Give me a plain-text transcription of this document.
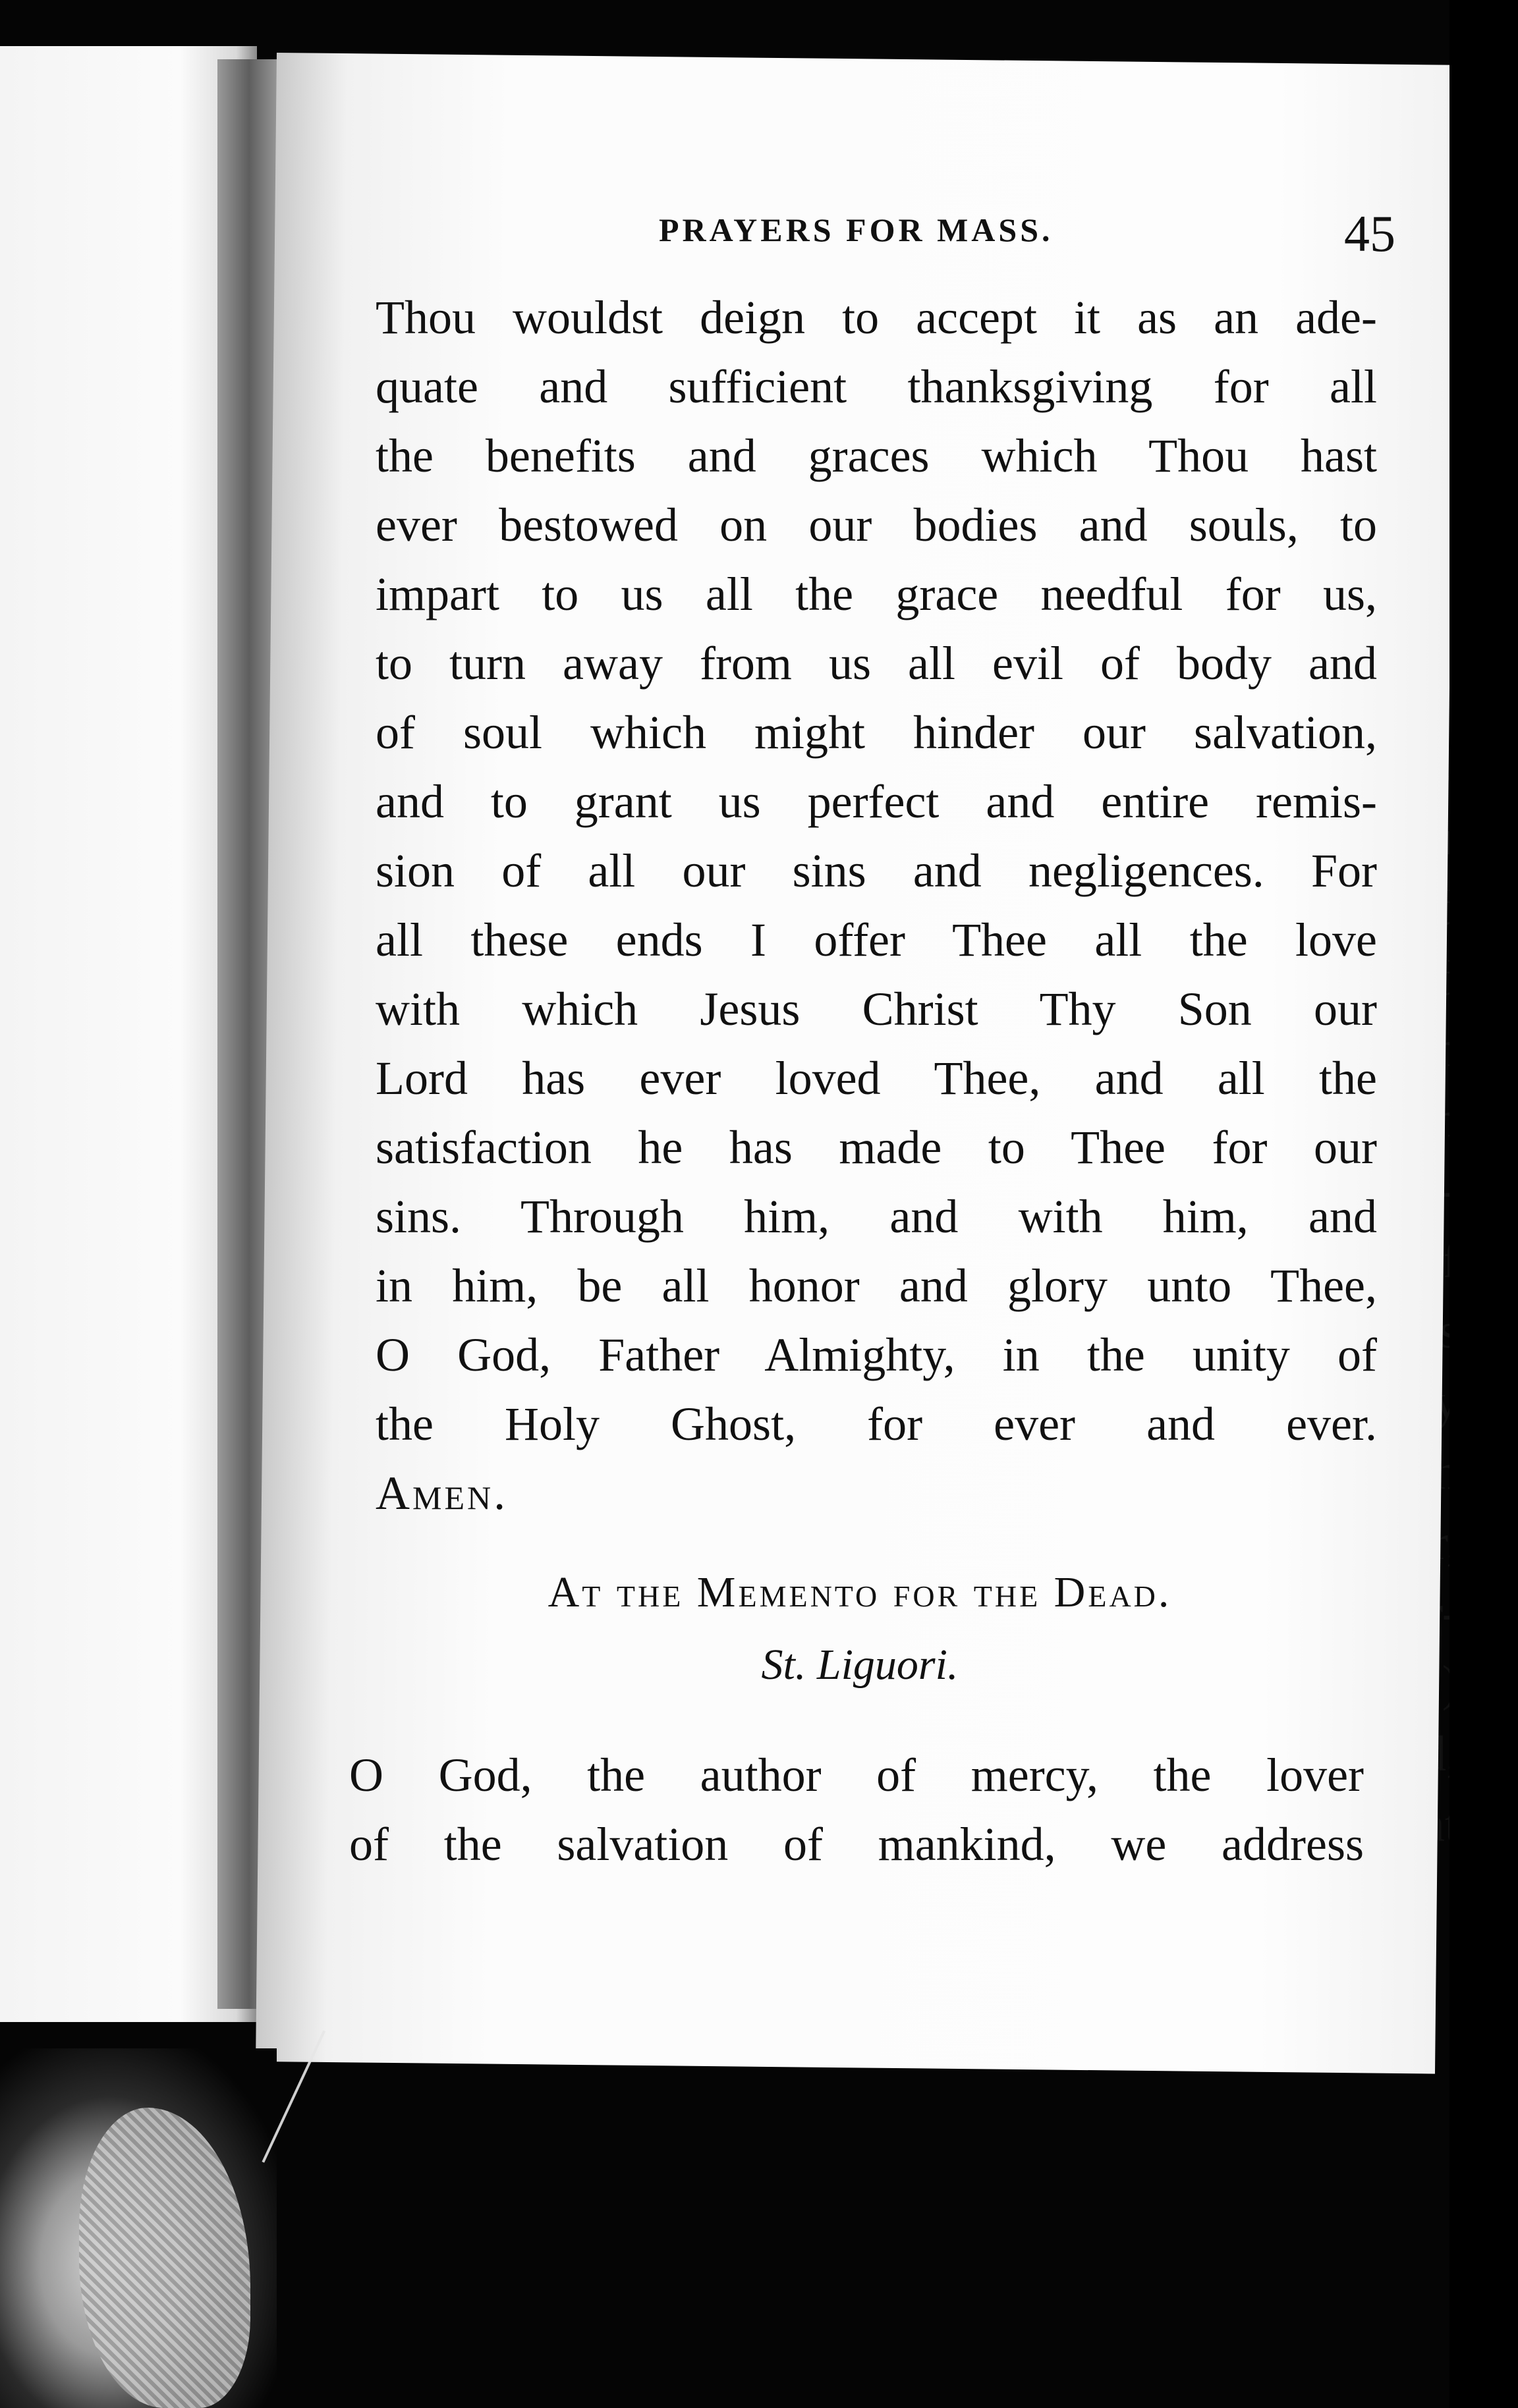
PRAYERS FOR MASS.	45
Thou wouldst deign to accept it as an ade-
quate and sufficient thanksgiving for all
the benefits and graces which Thou hast
ever bestowed on our bodies and souls, to
impart to us all the grace needful for us,
to turn away from us all evil of body and
of soul which might hinder our salvation,
and to grant us perfect and entire remis-
sion of all our sins and negligences. For
all these ends I offer Thee all the love
with which Jesus Christ Thy Son our
Lord has ever loved Thee, and all the
satisfaction he has made to Thee for our
sins. Through him, and with him, and
in him, be all honor and glory unto Thee,
O God, Father Almighty, in the unity of
the Holy Ghost, for ever and ever.
Amen.
At the Memento for the Dead.
St. Liguori.
O God, the author of mercy, the lover
of the salvation of mankind, we address
